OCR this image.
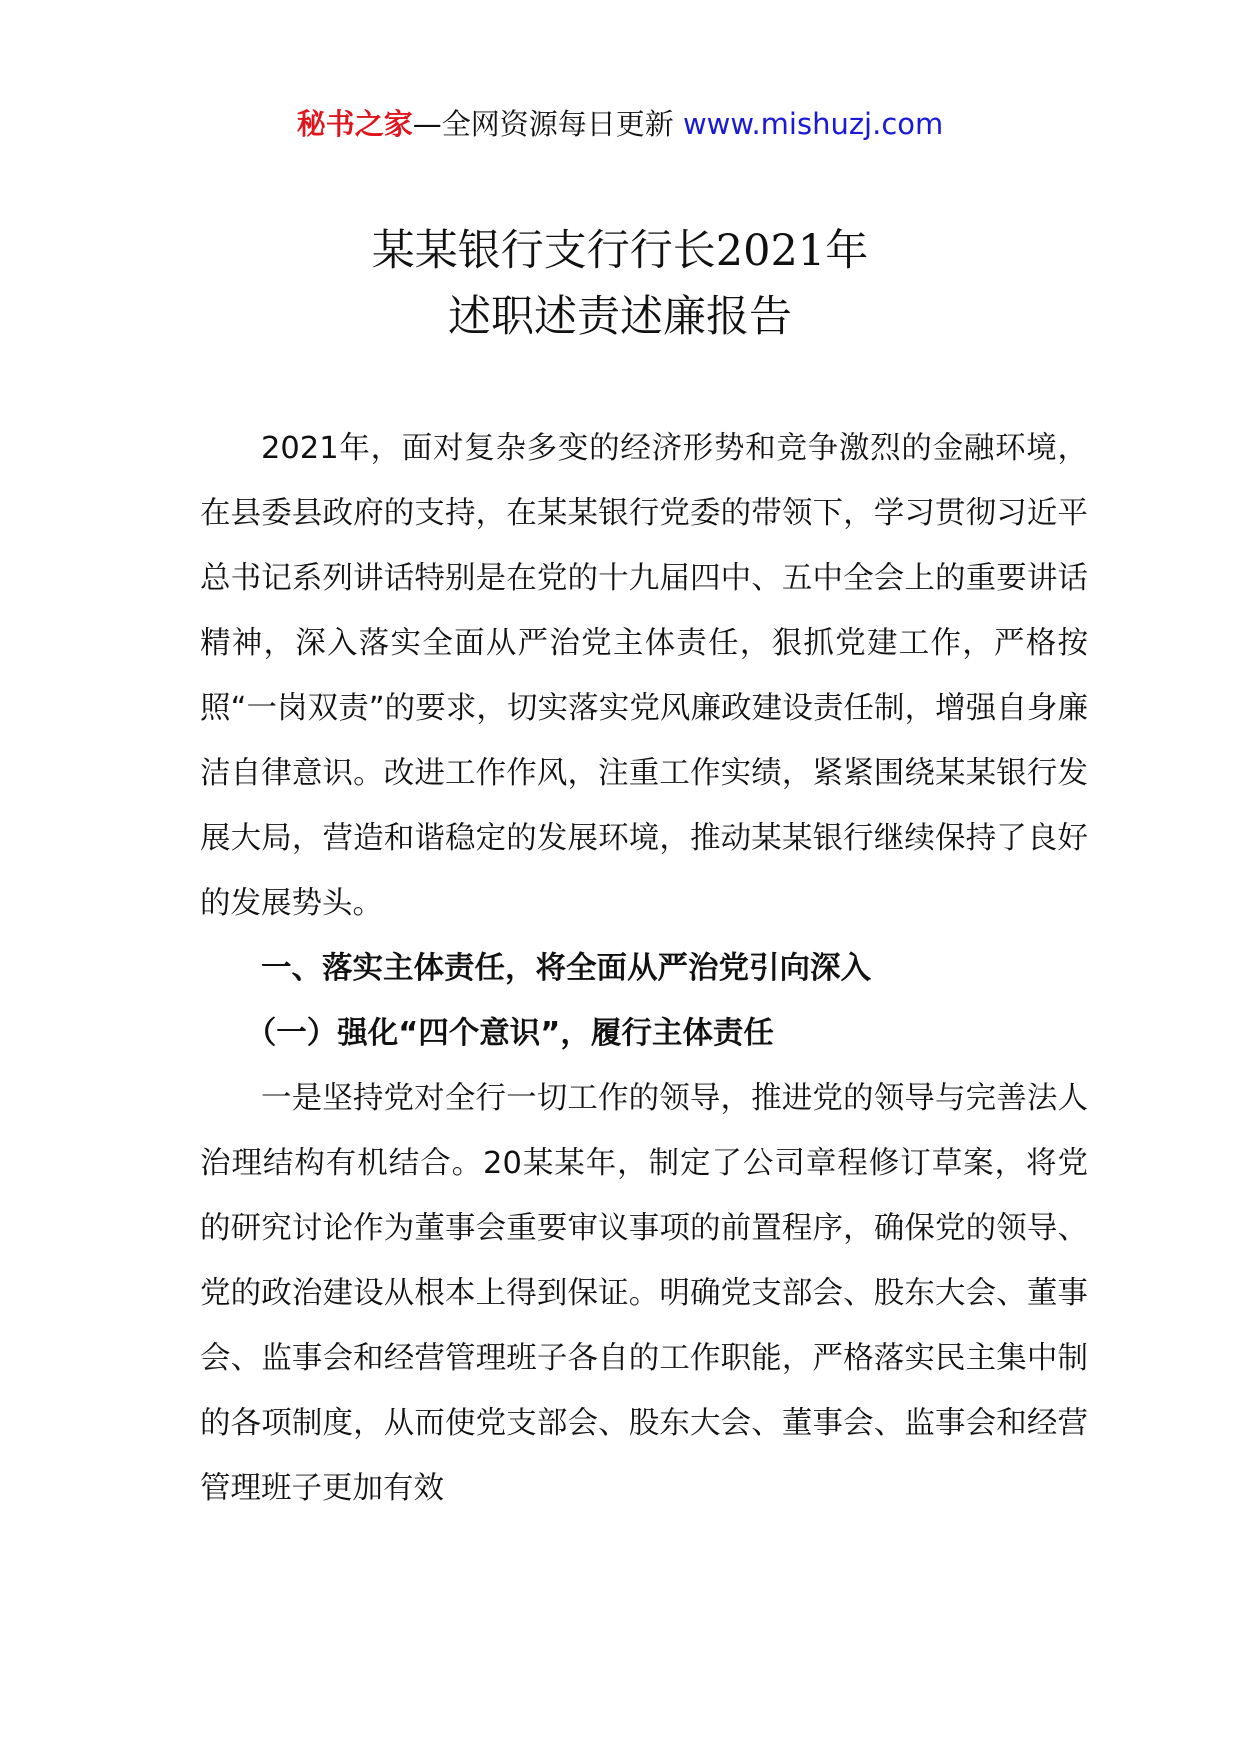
秘书之家—全网资源每日更新 www.mishuzj.com
某某银行支行行长2021年
述职述责述廉报告

2021年，面对复杂多变的经济形势和竞争激烈的金融环境，在县委县政府的支持，在某某银行党委的带领下，学习贯彻习近平总书记系列讲话特别是在党的十九届四中、五中全会上的重要讲话精神，深入落实全面从严治党主体责任，狠抓党建工作，严格按照“一岗双责”的要求，切实落实党风廉政建设责任制，增强自身廉洁自律意识。改进工作作风，注重工作实绩，紧紧围绕某某银行发展大局，营造和谐稳定的发展环境，推动某某银行继续保持了良好的发展势头。

一、落实主体责任，将全面从严治党引向深入
（一）强化“四个意识”，履行主体责任

一是坚持党对全行一切工作的领导，推进党的领导与完善法人治理结构有机结合。20某某年，制定了公司章程修订草案，将党的研究讨论作为董事会重要审议事项的前置程序，确保党的领导、党的政治建设从根本上得到保证。明确党支部会、股东大会、董事会、监事会和经营管理班子各自的工作职能，严格落实民主集中制的各项制度，从而使党支部会、股东大会、董事会、监事会和经营管理班子更加有效
